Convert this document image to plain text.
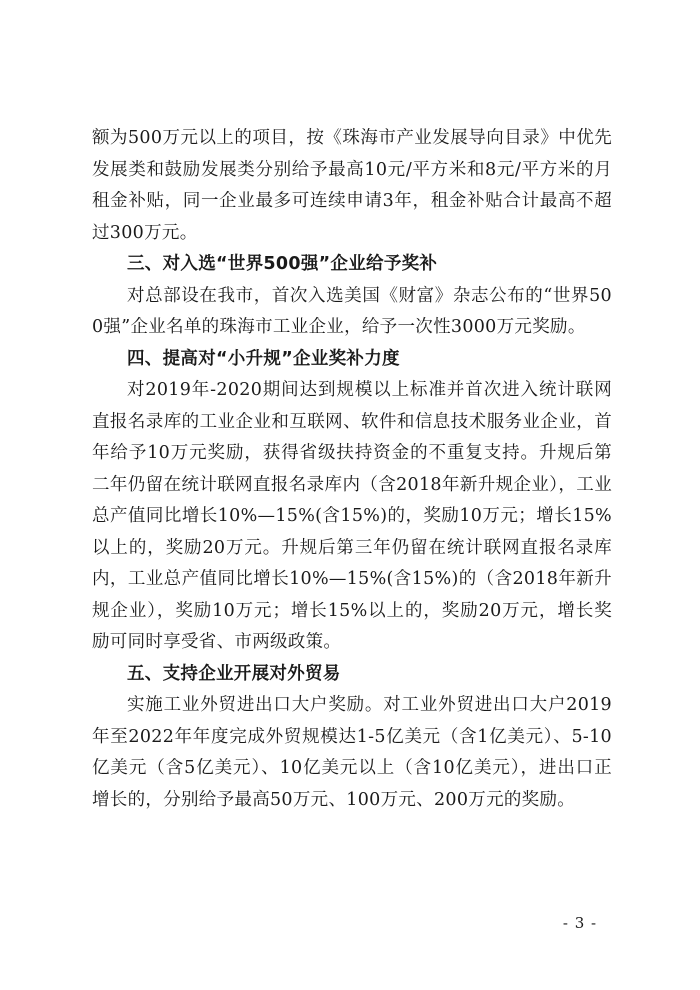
额为500万元以上的项目，按《珠海市产业发展导向目录》中优先发展类和鼓励发展类分别给予最高10元/平方米和8元/平方米的月租金补贴，同一企业最多可连续申请3年，租金补贴合计最高不超过300万元。

三、对入选“世界500强”企业给予奖补

对总部设在我市，首次入选美国《财富》杂志公布的“世界500强”企业名单的珠海市工业企业，给予一次性3000万元奖励。

四、提高对“小升规”企业奖补力度

对2019年-2020期间达到规模以上标准并首次进入统计联网直报名录库的工业企业和互联网、软件和信息技术服务业企业，首年给予10万元奖励，获得省级扶持资金的不重复支持。升规后第二年仍留在统计联网直报名录库内（含2018年新升规企业），工业总产值同比增长10%—15%(含15%)的，奖励10万元；增长15%以上的，奖励20万元。升规后第三年仍留在统计联网直报名录库内，工业总产值同比增长10%—15%(含15%)的（含2018年新升规企业），奖励10万元；增长15%以上的，奖励20万元，增长奖励可同时享受省、市两级政策。

五、支持企业开展对外贸易

实施工业外贸进出口大户奖励。对工业外贸进出口大户2019年至2022年年度完成外贸规模达1-5亿美元（含1亿美元）、5-10亿美元（含5亿美元）、10亿美元以上（含10亿美元），进出口正增长的，分别给予最高50万元、100万元、200万元的奖励。

- 3 -
